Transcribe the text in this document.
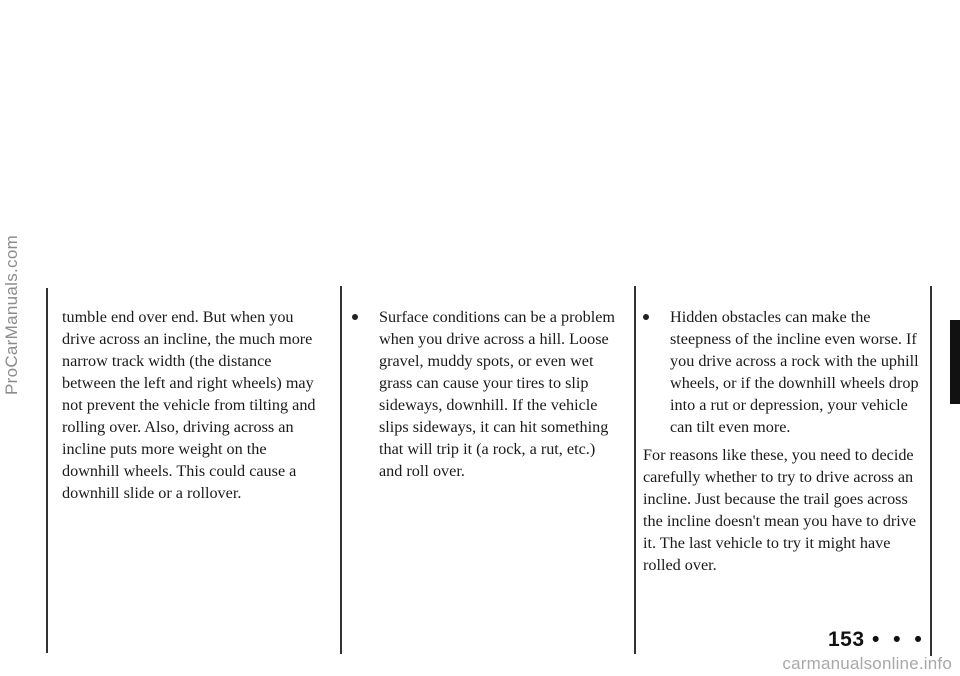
ProCarManuals.com	tumble end over end. But when you drive across an incline, the much more narrow track width (the distance between the left and right wheels) may not prevent the vehicle from tilting and rolling over. Also, driving across an incline puts more weight on the downhill wheels. This could cause a downhill slide or a rollover.

Surface conditions can be a problem when you drive across a hill. Loose gravel, muddy spots, or even wet grass can cause your tires to slip sideways, downhill. If the vehicle slips sideways, it can hit something that will trip it (a rock, a rut, etc.) and roll over.

Hidden obstacles can make the steepness of the incline even worse. If you drive across a rock with the uphill wheels, or if the downhill wheels drop into a rut or depression, your vehicle can tilt even more.

For reasons like these, you need to decide carefully whether to try to drive across an incline. Just because the trail goes across the incline doesn't mean you have to drive it. The last vehicle to try it might have rolled over.

153 • • •
carmanualsonline.info
